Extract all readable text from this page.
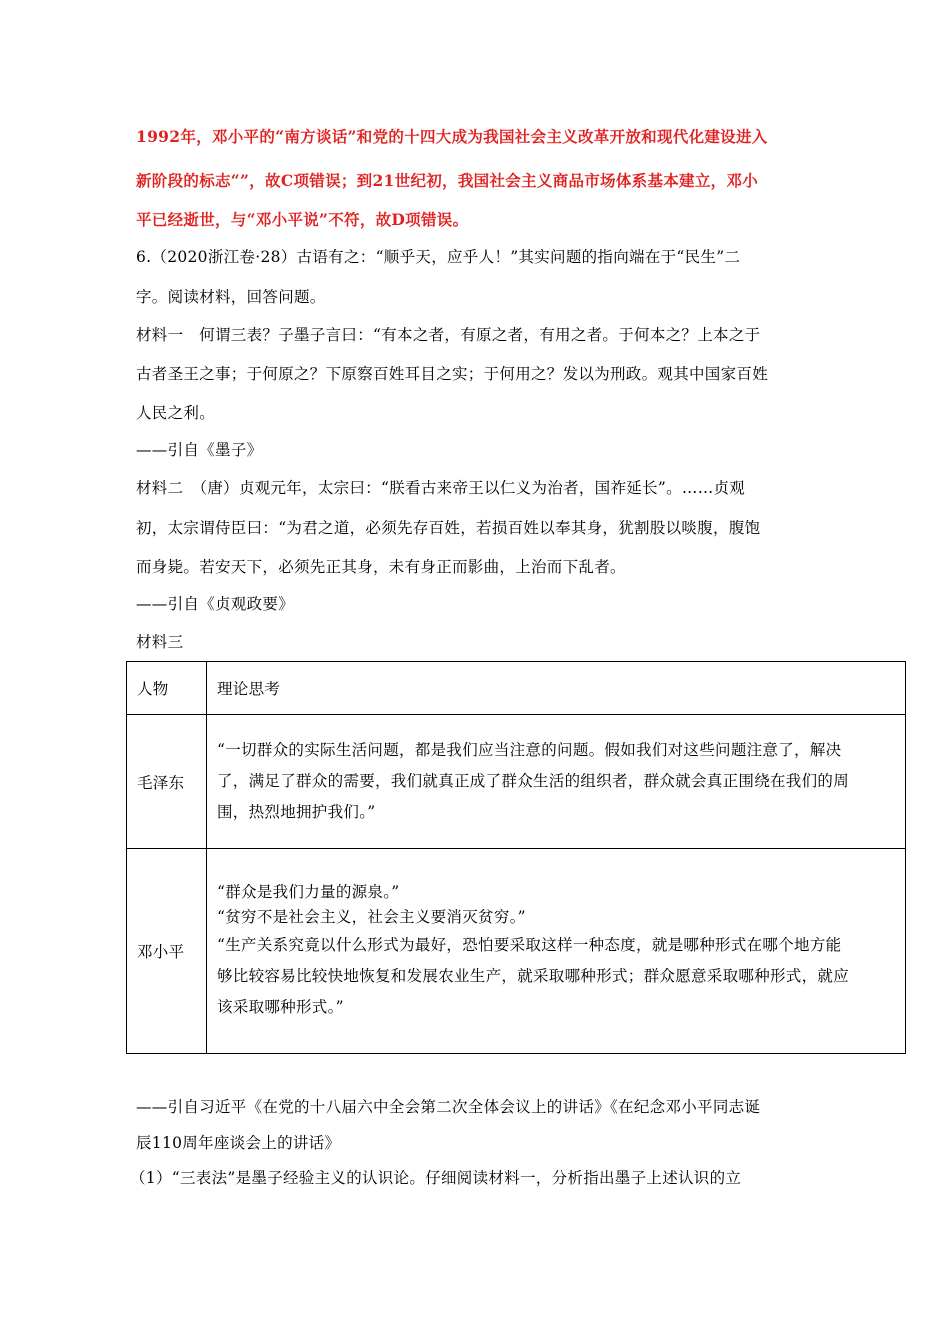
1992年，邓小平的“南方谈话”和党的十四大成为我国社会主义改革开放和现代化建设进入
新阶段的标志“”，故C项错误；到21世纪初，我国社会主义商品市场体系基本建立，邓小
平已经逝世，与“邓小平说”不符，故D项错误。
6.（2020浙江卷·28）古语有之：“顺乎天，应乎人！”其实问题的指向端在于“民生”二
字。阅读材料，回答问题。
材料一　何谓三表？子墨子言曰：“有本之者，有原之者，有用之者。于何本之？上本之于
古者圣王之事；于何原之？下原察百姓耳目之实；于何用之？发以为刑政。观其中国家百姓
人民之利。
——引自《墨子》
材料二　（唐）贞观元年，太宗曰：“朕看古来帝王以仁义为治者，国祚延长”。……贞观
初，太宗谓侍臣曰：“为君之道，必须先存百姓，若损百姓以奉其身，犹割股以啖腹，腹饱
而身毙。若安天下，必须先正其身，未有身正而影曲，上治而下乱者。
——引自《贞观政要》
材料三
人物	理论思考
毛泽东	“一切群众的实际生活问题，都是我们应当注意的问题。假如我们对这些问题注意了，解决
了，满足了群众的需要，我们就真正成了群众生活的组织者，群众就会真正围绕在我们的周
围，热烈地拥护我们。”

邓小平	“群众是我们力量的源泉。”
“贫穷不是社会主义，社会主义要消灭贫穷。”
“生产关系究竟以什么形式为最好，恐怕要采取这样一种态度，就是哪种形式在哪个地方能
够比较容易比较快地恢复和发展农业生产，就采取哪种形式；群众愿意采取哪种形式，就应
该采取哪种形式。”
——引自习近平《在党的十八届六中全会第二次全体会议上的讲话》《在纪念邓小平同志诞
辰110周年座谈会上的讲话》
（1）“三表法”是墨子经验主义的认识论。仔细阅读材料一，分析指出墨子上述认识的立
